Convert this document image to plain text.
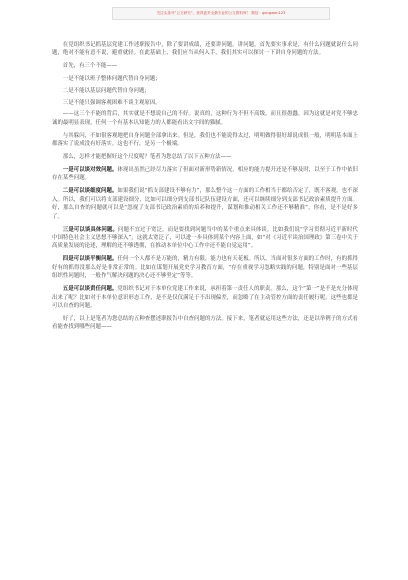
关注头条号“公文研究”，获得更多全最专业的公文资料库！ 微信：gongwen123

在党组织书记抓基层党建工作述职报告中，除了要讲成绩，还要讲问题。讲问题，首先要实事求是，有什么问题就说什么问题，绝对不能有意不说，避重就轻。在此基础上，我们应当从何入手，我们其实可以探讨一下讲自身问题的方法。

首先，有三个不能——

一是不能以班子整体问题代替自身问题；

二是不能以基层问题代替自身问题；

三是不能只强调客观困难不谈主观原因。

——这三个不能的背后，其实就是不想说自己的不好。说真的，这种行为不但不高级，而且很愚蠢。因为这就是对党不够忠诚的最明显表现，任何一个有基本认知能力的人都能看出文字间的猫腻。

与其躲闪，不如很客观地把自身问题全部拿出来。但是，我们也不能说得太过，明明做得很好却说成很一般，明明基本面上都落实了说成没有好落实。这也不行，是另一个极端。

那么，怎样才能把握好这个尺度呢？笔者为您总结了以下五种方法——

一是可以谈对效问题。体现出虽然已经尽力落实了但面对新形势新情况，相应的能力提升还是不够及时，以至于工作中依旧存在某些问题。

二是可以谈细度问题。如果我们说“抓支部建设不够有力”，那么整个这一方面的工作相当于都给否定了，既不客观，也不深入。所以，我们可以将支部建设细分，比如可以细分到支部书记队伍建设方面，还可以继续细分到支部书记政治素质提升方面。好，那么自查的问题就可以是“忽视了支部书记政治素质的培养和提升，谋划和推动相关工作还不够精准”，你看，是不是好多了。

三是可以谈具体问题。问题不宜过于宽泛，而是要找到问题当中的某个重点来具体谈。比如我们说“学习贯彻习近平新时代中国特色社会主义思想不够深入”，这就太宽泛了，可以进一步具体到某个内容上面，如“对《习近平谈治国理政》第三卷中关于高质量发展的论述，理解的还不够透彻，在推动本单位中心工作中还不能自觉运用”。

四是可以谈平衡问题。任何一个人都不是万能的，精力有限，能力也有天花板。所以，当面对很多方面的工作时，有的抓得好有的抓得没那么好是非常正常的。比如在谋划开展党史学习教育方面，“存在重视学习忽略实践的问题，特别是面对一些基层组织性问题时，一般作气解决问题的决心还不够坚定”等等。

五是可以谈责任问题。党组织书记对于本单位党建工作来说，承担着第一责任人的职责。那么，这个“第一”是不是充分体现出来了呢？比如对于本单位意识形态工作，是不是仅仅满足于不出现偏差，而忽略了在主动管控方面的责任履行呢。这些也都是可以自查的问题。

好了，以上是笔者为您总结的五种查摆述职报告中自查问题的方法。接下来，笔者就运用这些方法，还是以举例子的方式看看能查找到哪些问题——
